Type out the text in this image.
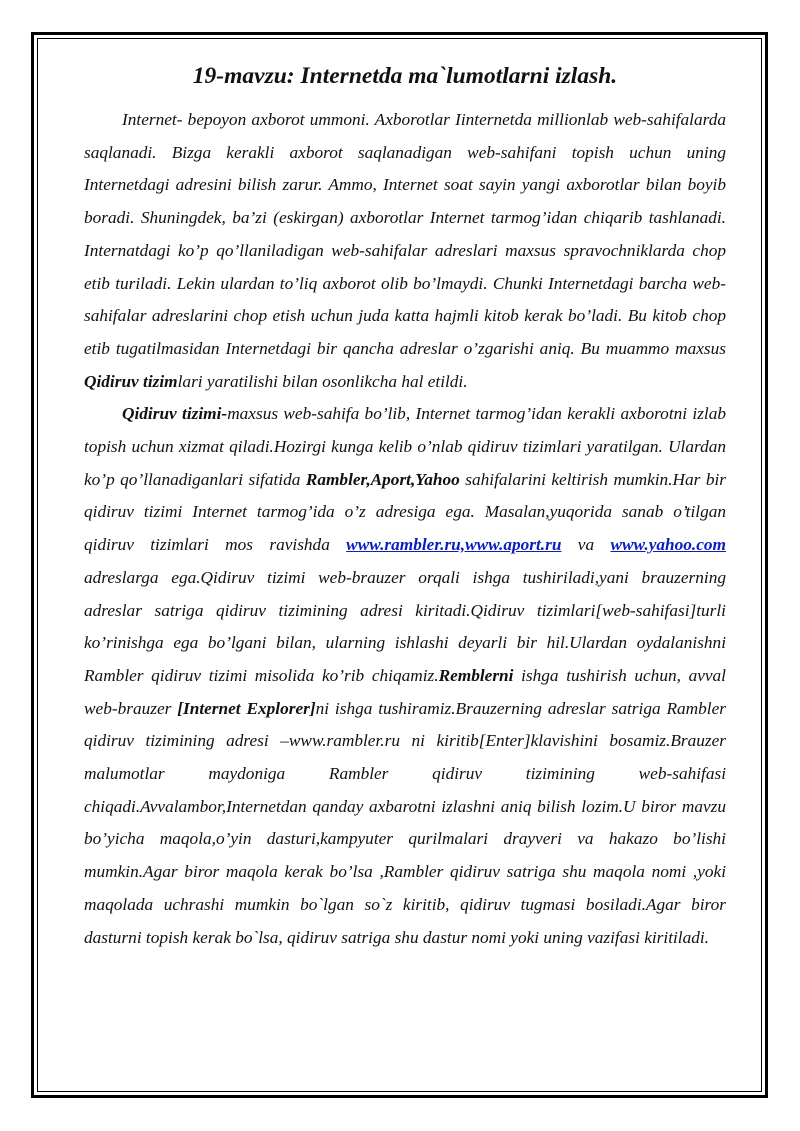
19-mavzu: Internetda ma`lumotlarni izlash.

Internet- bepoyon axborot ummoni. Axborotlar Iinternetda millionlab web-sahifalarda saqlanadi. Bizga kerakli axborot saqlanadigan web-sahifani topish uchun uning Internetdagi adresini bilish zarur. Ammo, Internet soat sayin yangi axborotlar bilan boyib boradi. Shuningdek, ba’zi (eskirgan) axborotlar Internet tarmog’idan chiqarib tashlanadi. Internatdagi ko’p qo’llaniladigan web-sahifalar adreslari maxsus spravochniklarda chop etib turiladi. Lekin ulardan to’liq axborot olib bo’lmaydi. Chunki Internetdagi barcha web-sahifalar adreslarini chop etish uchun juda katta hajmli kitob kerak bo’ladi. Bu kitob chop etib tugatilmasidan Internetdagi bir qancha adreslar o’zgarishi aniq. Bu muammo maxsus Qidiruv tizimlari yaratilishi bilan osonlikcha hal etildi.

Qidiruv tizimi-maxsus web-sahifa bo’lib, Internet tarmog’idan kerakli axborotni izlab topish uchun xizmat qiladi.Hozirgi kunga kelib o’nlab qidiruv tizimlari yaratilgan. Ulardan ko’p qo’llanadiganlari sifatida Rambler,Aport,Yahoo sahifalarini keltirish mumkin.Har bir qidiruv tizimi Internet tarmog’ida o’z adresiga ega. Masalan,yuqorida sanab o’tilgan qidiruv tizimlari mos ravishda www.rambler.ru,www.aport.ru va www.yahoo.com adreslarga ega.Qidiruv tizimi web-brauzer orqali ishga tushiriladi,yani brauzerning adreslar satriga qidiruv tizimining adresi kiritadi.Qidiruv tizimlari[web-sahifasi]turli ko’rinishga ega bo’lgani bilan, ularning ishlashi deyarli bir hil.Ulardan oydalanishni Rambler qidiruv tizimi misolida ko’rib chiqamiz.Remblerni ishga tushirish uchun, avval web-brauzer [Internet Explorer]ni ishga tushiramiz.Brauzerning adreslar satriga Rambler qidiruv tizimining adresi –www.rambler.ru ni kiritib[Enter]klavishini bosamiz.Brauzer malumotlar maydoniga Rambler qidiruv tizimining web-sahifasi chiqadi.Avvalambor,Internetdan qanday axbarotni izlashni aniq bilish lozim.U biror mavzu bo’yicha maqola,o’yin dasturi,kampyuter qurilmalari drayveri va hakazo bo’lishi mumkin.Agar biror maqola kerak bo’lsa ,Rambler qidiruv satriga shu maqola nomi ,yoki maqolada uchrashi mumkin bo`lgan so`z kiritib, qidiruv tugmasi bosiladi.Agar biror dasturni topish kerak bo`lsa, qidiruv satriga shu dastur nomi yoki uning vazifasi kiritiladi.
